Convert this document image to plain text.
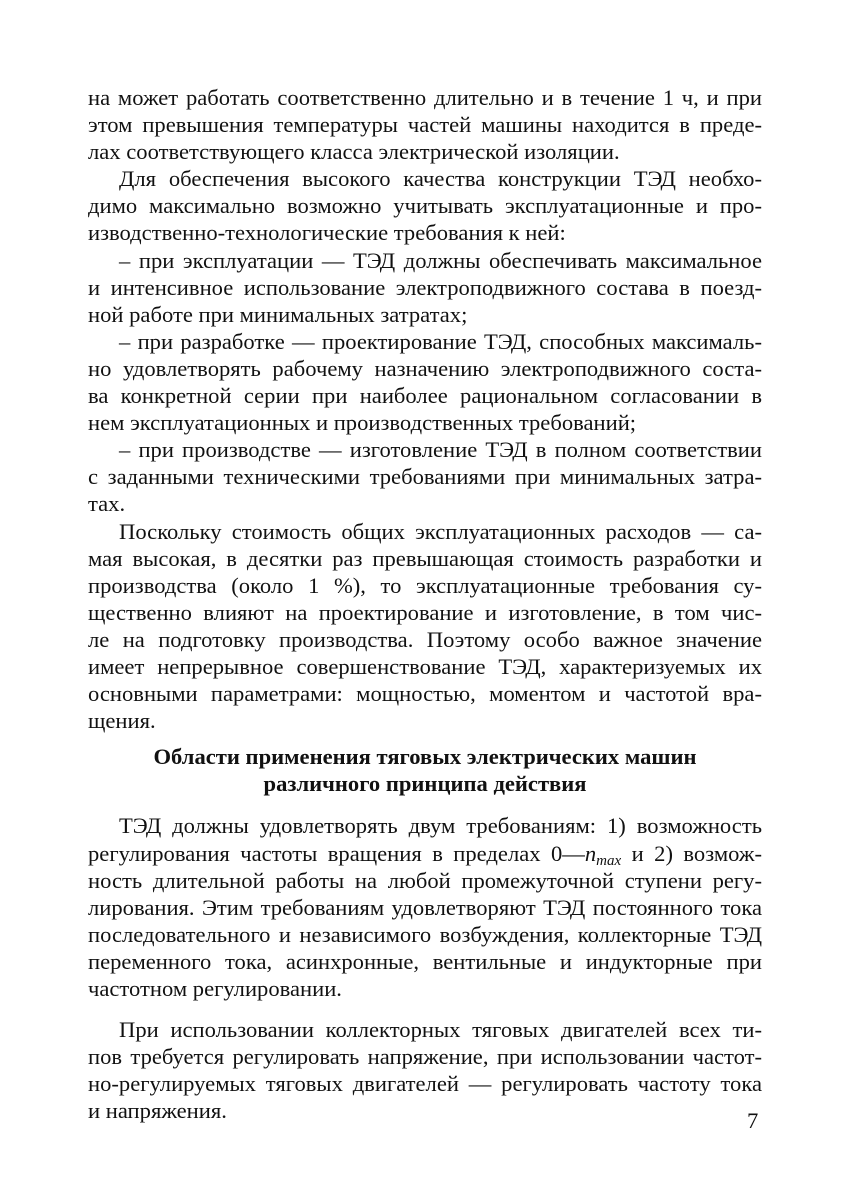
на может работать соответственно длительно и в течение 1 ч, и при
этом превышения температуры частей машины находится в преде-
лах соответствующего класса электрической изоляции.
Для обеспечения высокого качества конструкции ТЭД необхо-
димо максимально возможно учитывать эксплуатационные и про-
изводственно-технологические требования к ней:
– при эксплуатации — ТЭД должны обеспечивать максимальное
и интенсивное использование электроподвижного состава в поезд-
ной работе при минимальных затратах;
– при разработке — проектирование ТЭД, способных максималь-
но удовлетворять рабочему назначению электроподвижного соста-
ва конкретной серии при наиболее рациональном согласовании в
нем эксплуатационных и производственных требований;
– при производстве — изготовление ТЭД в полном соответствии
с заданными техническими требованиями при минимальных затра-
тах.
Поскольку стоимость общих эксплуатационных расходов — са-
мая высокая, в десятки раз превышающая стоимость разработки и
производства (около 1 %), то эксплуатационные требования су-
щественно влияют на проектирование и изготовление, в том чис-
ле на подготовку производства. Поэтому особо важное значение
имеет непрерывное совершенствование ТЭД, характеризуемых их
основными параметрами: мощностью, моментом и частотой вра-
щения.
Области применения тяговых электрических машин
различного принципа действия
ТЭД должны удовлетворять двум требованиям: 1) возможность
регулирования частоты вращения в пределах $0—n_{max}$ и 2) возмож-
ность длительной работы на любой промежуточной ступени регу-
лирования. Этим требованиям удовлетворяют ТЭД постоянного тока
последовательного и независимого возбуждения, коллекторные ТЭД
переменного тока, асинхронные, вентильные и индукторные при
частотном регулировании.
При использовании коллекторных тяговых двигателей всех ти-
пов требуется регулировать напряжение, при использовании частот-
но-регулируемых тяговых двигателей — регулировать частоту тока
и напряжения.	7
